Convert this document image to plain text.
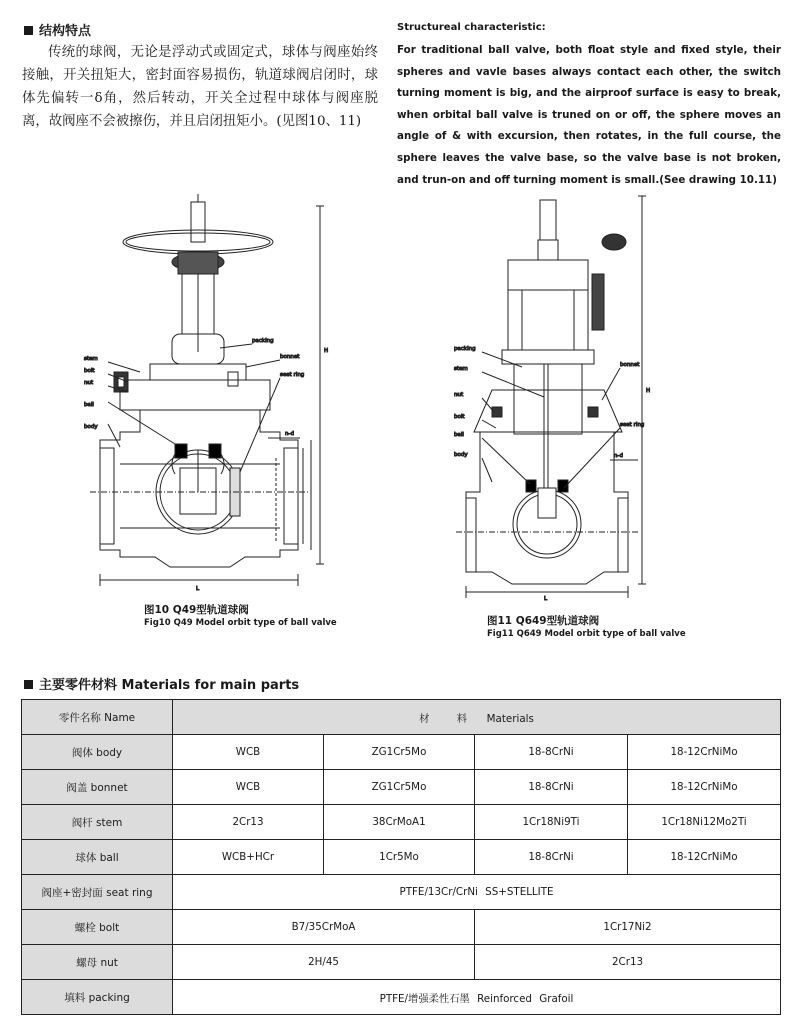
结构特点
传统的球阀，无论是浮动式或固定式，球体与阀座始终接触，开关扭矩大，密封面容易损伤，轨道球阀启闭时，球体先偏转一δ角，然后转动，开关全过程中球体与阀座脱离，故阀座不会被擦伤，并且启闭扭矩小。(见图10、11)
Structureal characteristic:
For traditional ball valve, both float style and fixed style, their spheres and vavle bases always contact each other, the switch turning moment is big, and the airproof surface is easy to break, when orbital ball valve is truned on or off, the sphere moves an angle of & with excursion, then rotates, in the full course, the sphere leaves the valve base, so the valve base is not broken, and trun-on and off turning moment is small.(See drawing 10.11)
stem
bolt
nut
ball
body
packing
bonnet
seat ring
L
n-d
H
图10 Q49型轨道球阀
Fig10 Q49 Model orbit type of ball valve
packing
stem
nut
bolt
ball
body
bonnet
seat ring
L
n-d
H
图11 Q649型轨道球阀
Fig11 Q649 Model orbit type of ball valve
主要零件材料 Materials for main parts
零件名称 Name	材 料 Materials			
阀体 body	WCB	ZG1Cr5Mo	18-8CrNi	18-12CrNiMo
阀盖 bonnet	WCB	ZG1Cr5Mo	18-8CrNi	18-12CrNiMo
阀杆 stem	2Cr13	38CrMoA1	1Cr18Ni9Ti	1Cr18Ni12Mo2Ti
球体 ball	WCB+HCr	1Cr5Mo	18-8CrNi	18-12CrNiMo
阀座+密封面 seat ring	PTFE/13Cr/CrNi SS+STELLITE			
螺栓 bolt	B7/35CrMoA		1Cr17Ni2	
螺母 nut	2H/45		2Cr13	
填料 packing	PTFE/增强柔性石墨 Reinforced Grafoil			
